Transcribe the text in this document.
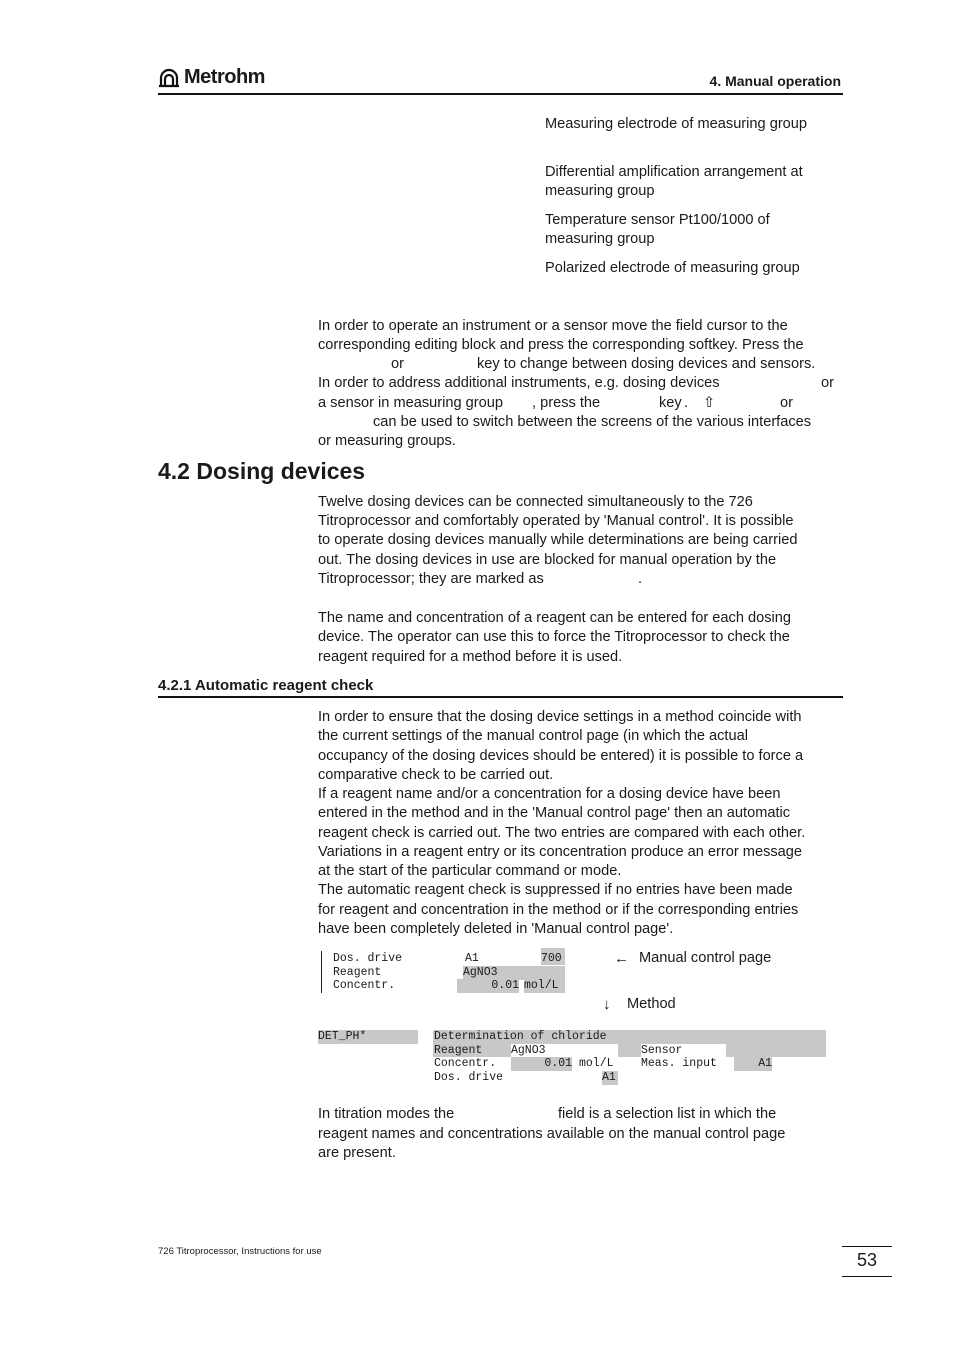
Metrohm	4. Manual operation
Measuring electrode of measuring group
Differential amplification arrangement at measuring group
Temperature sensor Pt100/1000 of measuring group
Polarized electrode of measuring group
In order to operate an instrument or a sensor move the field cursor to the
corresponding editing block and press the corresponding softkey. Press the
or	key to change between dosing devices and sensors.
In order to address additional instruments, e.g. dosing devices	or
a sensor in measuring group , press the	key . ⇧	or
can be used to switch between the screens of the various interfaces
or measuring groups.
4.2 Dosing devices
Twelve dosing devices can be connected simultaneously to the 726
Titroprocessor and comfortably operated by 'Manual control'. It is possible
to operate dosing devices manually while determinations are being carried
out. The dosing devices in use are blocked for manual operation by the
Titroprocessor; they are marked as	.
The name and concentration of a reagent can be entered for each dosing
device. The operator can use this to force the Titroprocessor to check the
reagent required for a method before it is used.
4.2.1 Automatic reagent check
In order to ensure that the dosing device settings in a method coincide with
the current settings of the manual control page (in which the actual
occupancy of the dosing devices should be entered) it is possible to force a
comparative check to be carried out.
If a reagent name and/or a concentration for a dosing device have been
entered in the method and in the 'Manual control page' then an automatic
reagent check is carried out. The two entries are compared with each other.
Variations in a reagent entry or its concentration produce an error message
at the start of the particular command or mode.
The automatic reagent check is suppressed if no entries have been made
for reagent and concentration in the method or if the corresponding entries
have been completely deleted in 'Manual control page'.
Dos. drive	A1	700
Reagent	AgNO3
Concentr.	0.01 mol/L
← Manual control page
↓ Method
DET_PH*	Determination of chloride
Reagent AgNO3	Sensor
Concentr.	0.01 mol/L Meas. input	A1
Dos. drive	A1
In titration modes the	field is a selection list in which the
reagent names and concentrations available on the manual control page
are present.
726 Titroprocessor, Instructions for use	53
